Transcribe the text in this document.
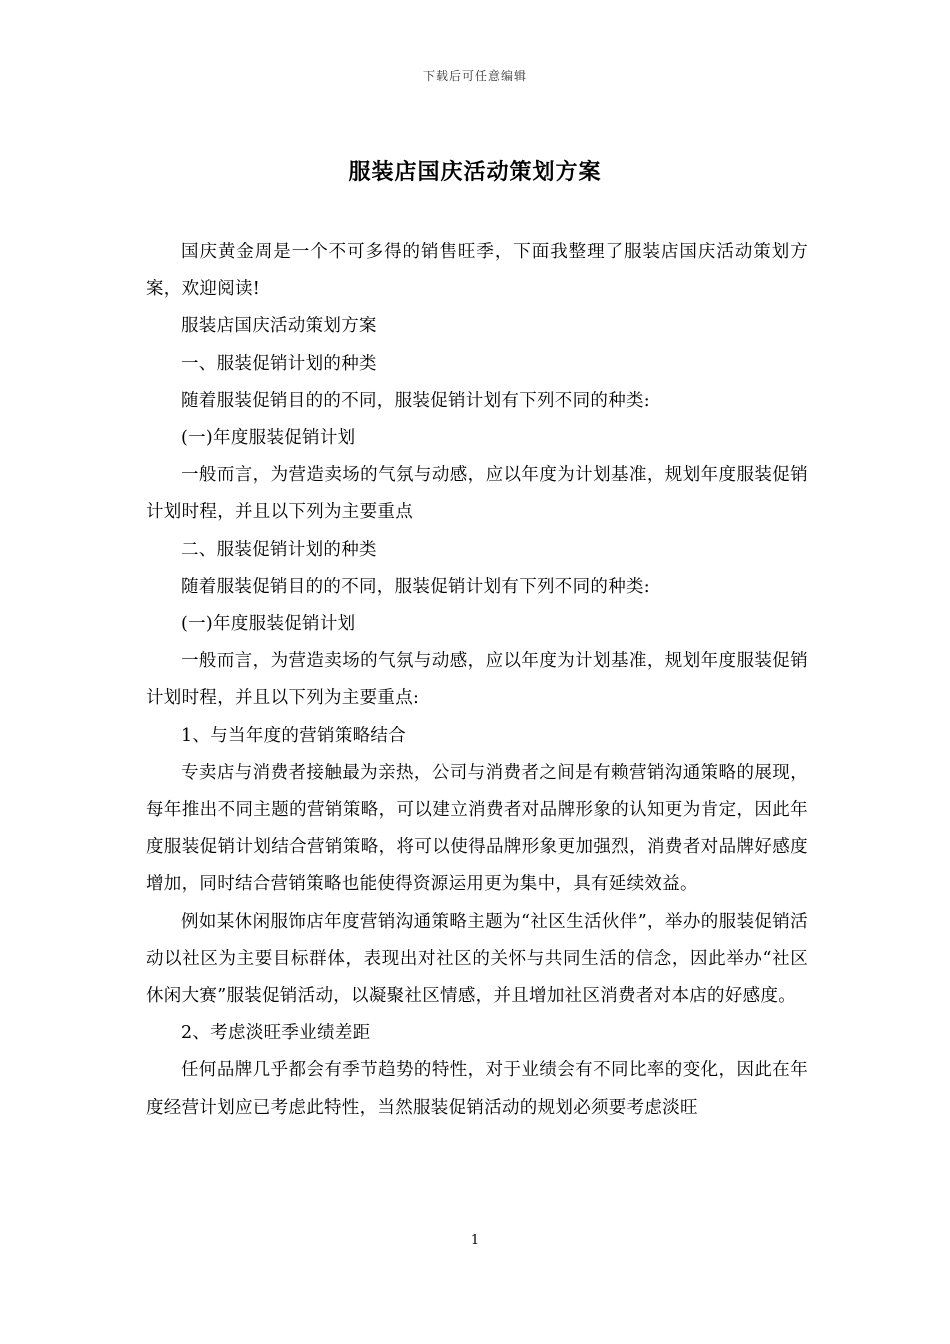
下载后可任意编辑
服装店国庆活动策划方案

国庆黄金周是一个不可多得的销售旺季，下面我整理了服装店国庆活动策划方案，欢迎阅读!

服装店国庆活动策划方案

一、服装促销计划的种类

随着服装促销目的的不同，服装促销计划有下列不同的种类:

(一)年度服装促销计划

一般而言，为营造卖场的气氛与动感，应以年度为计划基准，规划年度服装促销计划时程，并且以下列为主要重点

二、服装促销计划的种类

随着服装促销目的的不同，服装促销计划有下列不同的种类:

(一)年度服装促销计划

一般而言，为营造卖场的气氛与动感，应以年度为计划基准，规划年度服装促销计划时程，并且以下列为主要重点:

1、与当年度的营销策略结合

专卖店与消费者接触最为亲热，公司与消费者之间是有赖营销沟通策略的展现，每年推出不同主题的营销策略，可以建立消费者对品牌形象的认知更为肯定，因此年度服装促销计划结合营销策略，将可以使得品牌形象更加强烈，消费者对品牌好感度增加，同时结合营销策略也能使得资源运用更为集中，具有延续效益。

例如某休闲服饰店年度营销沟通策略主题为“社区生活伙伴”，举办的服装促销活动以社区为主要目标群体，表现出对社区的关怀与共同生活的信念，因此举办“社区休闲大赛”服装促销活动，以凝聚社区情感，并且增加社区消费者对本店的好感度。

2、考虑淡旺季业绩差距

任何品牌几乎都会有季节趋势的特性，对于业绩会有不同比率的变化，因此在年度经营计划应已考虑此特性，当然服装促销活动的规划必须要考虑淡旺

1
